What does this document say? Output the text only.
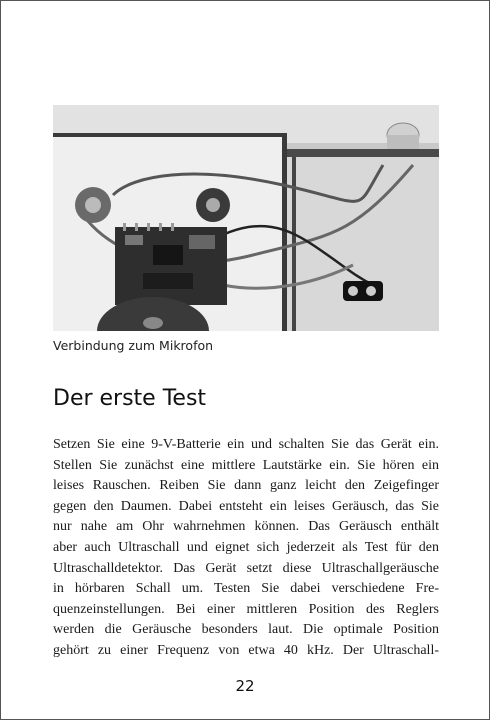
Verbindung zum Mikrofon
Der erste Test
Setzen Sie eine 9-V-Batterie ein und schalten Sie das Gerät ein.
Stellen Sie zunächst eine mittlere Lautstärke ein. Sie hören ein
leises Rauschen. Reiben Sie dann ganz leicht den Zeigefinger
gegen den Daumen. Dabei entsteht ein leises Geräusch, das Sie
nur nahe am Ohr wahrnehmen können. Das Geräusch enthält
aber auch Ultraschall und eignet sich jederzeit als Test für den
Ultraschalldetektor. Das Gerät setzt diese Ultraschallgeräusche
in hörbaren Schall um. Testen Sie dabei verschiedene Fre-
quenzeinstellungen. Bei einer mittleren Position des Reglers
werden die Geräusche besonders laut. Die optimale Position
gehört zu einer Frequenz von etwa 40 kHz. Der Ultraschall-
22
